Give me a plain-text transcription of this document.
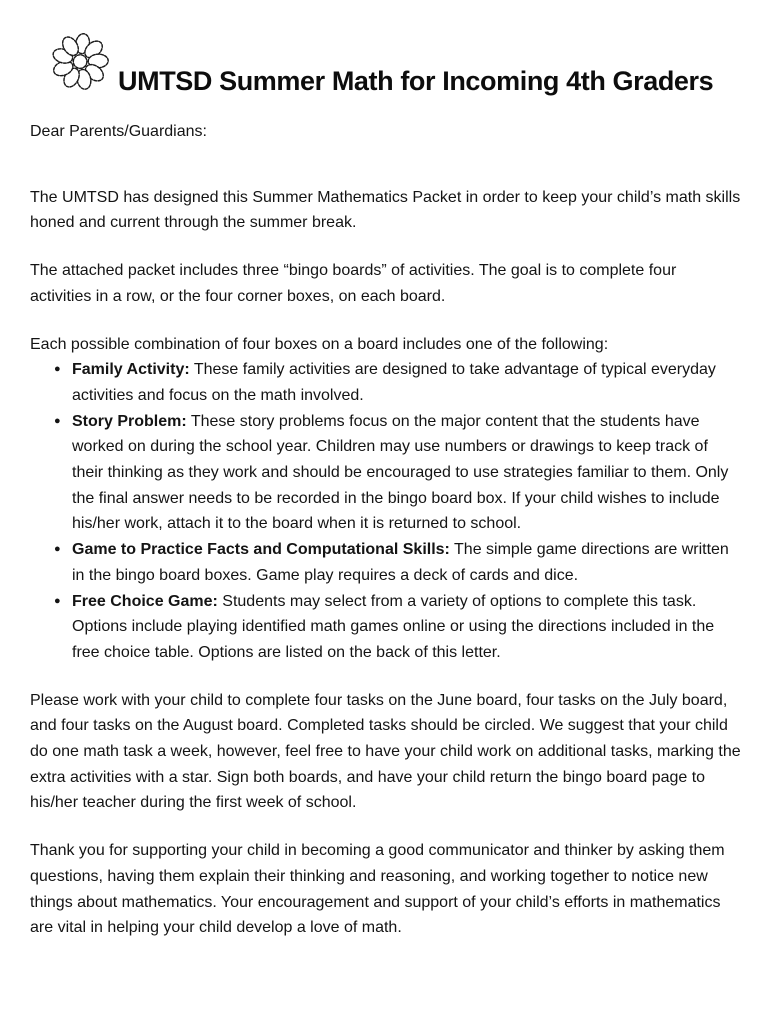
UMTSD Summer Math for Incoming 4th Graders

Dear Parents/Guardians:

The UMTSD has designed this Summer Mathematics Packet in order to keep your child’s math skills honed and current through the summer break.

The attached packet includes three “bingo boards” of activities. The goal is to complete four activities in a row, or the four corner boxes, on each board.

Each possible combination of four boxes on a board includes one of the following:

● Family Activity: These family activities are designed to take advantage of typical everyday activities and focus on the math involved.
● Story Problem: These story problems focus on the major content that the students have worked on during the school year. Children may use numbers or drawings to keep track of their thinking as they work and should be encouraged to use strategies familiar to them. Only the final answer needs to be recorded in the bingo board box. If your child wishes to include his/her work, attach it to the board when it is returned to school.
● Game to Practice Facts and Computational Skills: The simple game directions are written in the bingo board boxes. Game play requires a deck of cards and dice.
● Free Choice Game: Students may select from a variety of options to complete this task. Options include playing identified math games online or using the directions included in the free choice table. Options are listed on the back of this letter.

Please work with your child to complete four tasks on the June board, four tasks on the July board, and four tasks on the August board. Completed tasks should be circled. We suggest that your child do one math task a week, however, feel free to have your child work on additional tasks, marking the extra activities with a star. Sign both boards, and have your child return the bingo board page to his/her teacher during the first week of school.

Thank you for supporting your child in becoming a good communicator and thinker by asking them questions, having them explain their thinking and reasoning, and working together to notice new things about mathematics. Your encouragement and support of your child’s efforts in mathematics are vital in helping your child develop a love of math.
